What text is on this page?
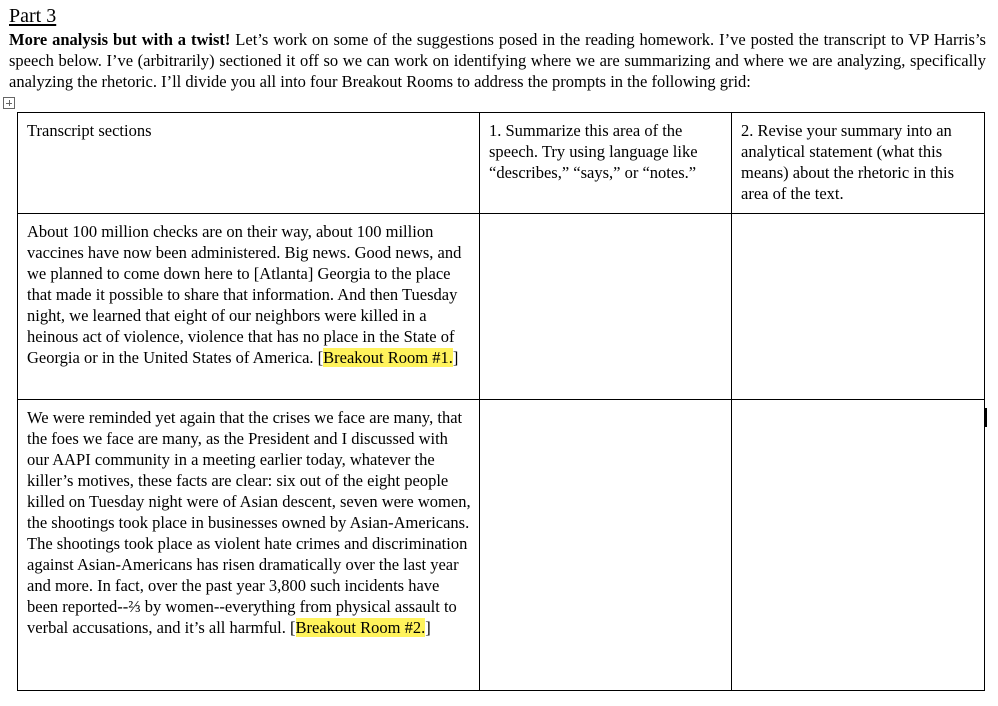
Part 3
More analysis but with a twist! Let’s work on some of the suggestions posed in the reading homework. I’ve posted the transcript to VP Harris’s speech below. I’ve (arbitrarily) sectioned it off so we can work on identifying where we are summarizing and where we are analyzing, specifically analyzing the rhetoric. I’ll divide you all into four Breakout Rooms to address the prompts in the following grid:
Transcript sections	1. Summarize this area of the speech. Try using language like “describes,” “says,” or “notes.”	2. Revise your summary into an analytical statement (what this means) about the rhetoric in this area of the text.
About 100 million checks are on their way, about 100 million vaccines have now been administered. Big news. Good news, and we planned to come down here to [Atlanta] Georgia to the place that made it possible to share that information. And then Tuesday night, we learned that eight of our neighbors were killed in a heinous act of violence, violence that has no place in the State of Georgia or in the United States of America. [Breakout Room #1.]		
We were reminded yet again that the crises we face are many, that the foes we face are many, as the President and I discussed with our AAPI community in a meeting earlier today, whatever the killer’s motives, these facts are clear: six out of the eight people killed on Tuesday night were of Asian descent, seven were women, the shootings took place in businesses owned by Asian-Americans. The shootings took place as violent hate crimes and discrimination against Asian-Americans has risen dramatically over the last year and more. In fact, over the past year 3,800 such incidents have been reported--⅔ by women--everything from physical assault to verbal accusations, and it’s all harmful. [Breakout Room #2.]		
